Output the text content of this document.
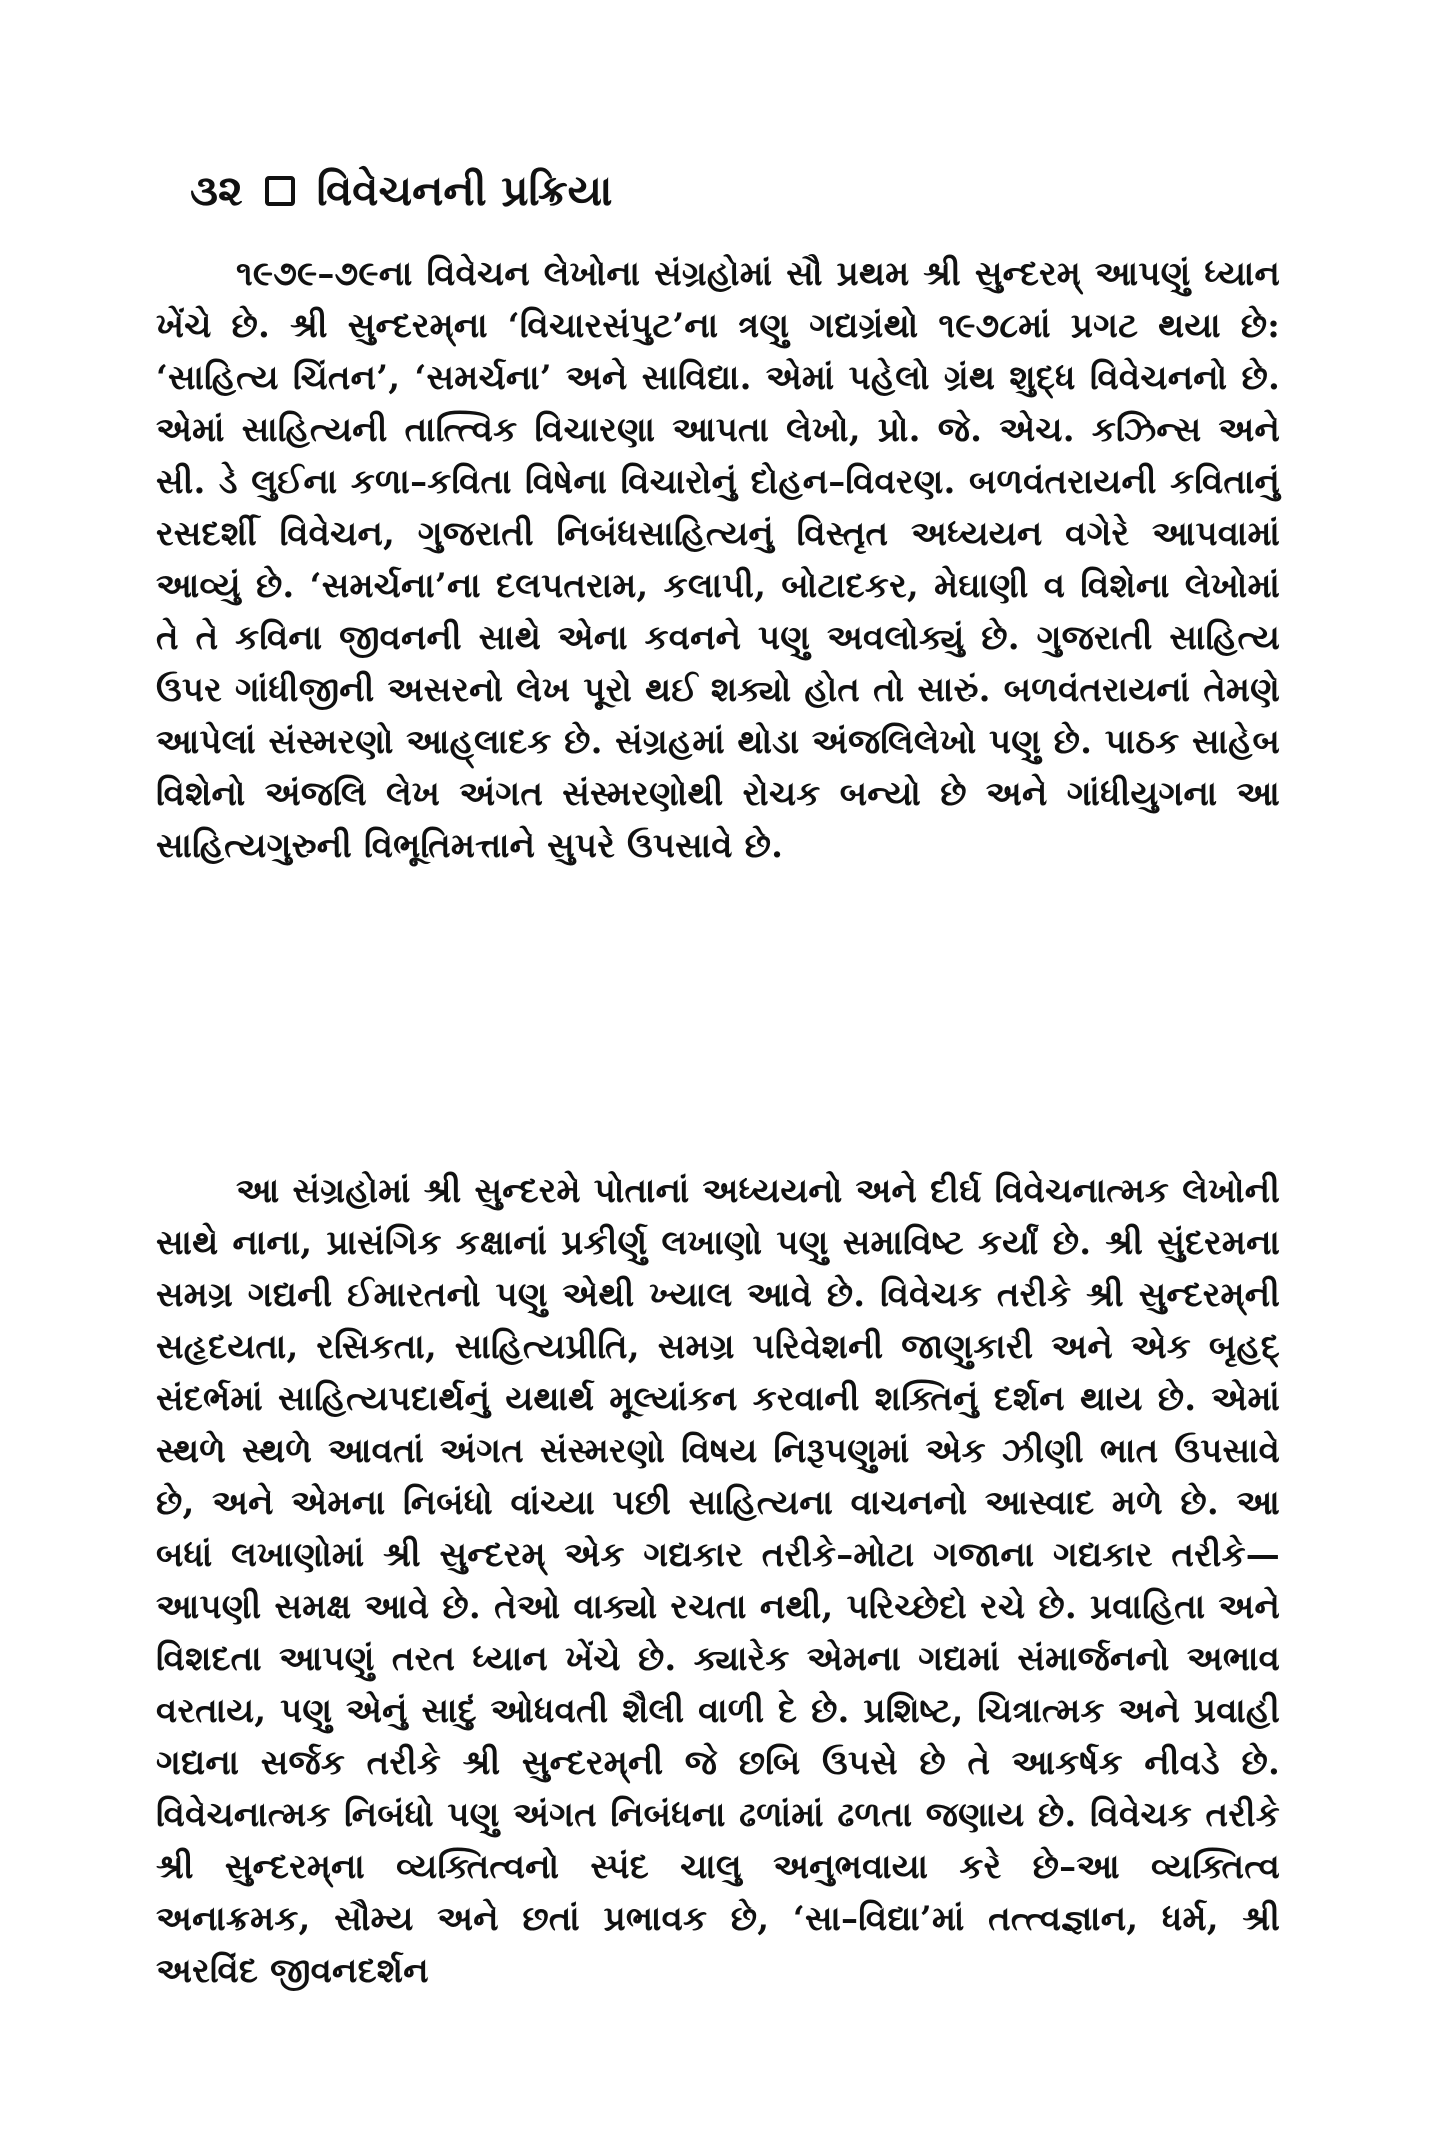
૩૨ વિવેચનની પ્રક્રિયા

૧૯૭૯–૭૯ના વિવેચન લેખોના સંગ્રહોમાં સૌ પ્રથમ શ્રી સુન્દરમ્ આપણું ધ્યાન ખેંચે છે. શ્રી સુન્દરમ્‌ના ‘વિચારસંપુટ’ના ત્રણુ ગદ્યગ્રંથો ૧૯૭૮માં પ્રગટ થયા છે: ‘સાહિત્ય ચિંતન’, ‘સમર્ચના’ અને સાવિદ્યા. એમાં પહેલો ગ્રંથ શુદ્ધ વિવેચનનો છે. એમાં સાહિત્યની તાત્ત્વિક વિચારણા આપતા લેખો, પ્રો. જે. એચ. કઝિન્સ અને સી. ડે લુઈના કળા–કવિતા વિષેના વિચારોનું દોહન–વિવરણ. બળવંતરાયની કવિતાનું રસદર્શી વિવેચન, ગુજરાતી નિબંધસાહિત્યનું વિસ્તૃત અધ્યયન વગેરે આપવામાં આવ્યું છે. ‘સમર્ચના’ના દલપતરામ, કલાપી, બોટાદકર, મેઘાણી વ વિશેના લેખોમાં તે તે કવિના જીવનની સાથે એના કવનને પણુ અવલોક્યું છે. ગુજરાતી સાહિત્ય ઉપર ગાંધીજીની અસરનો લેખ પૂરો થઈ શક્યો હોત તો સારું. બળવંતરાયનાં તેમણે આપેલાં સંસ્મરણો આહ્‌લાદક છે. સંગ્રહમાં થોડા અંજલિલેખો પણુ છે. પાઠક સાહેબ વિશેનો અંજલિ લેખ અંગત સંસ્મરણોથી રોચક બન્યો છે અને ગાંધીયુગના આ સાહિત્યગુરુની વિભૂતિમત્તાને સુપરે ઉપસાવે છે.

આ સંગ્રહોમાં શ્રી સુન્દરમે પોતાનાં અધ્યયનો અને દીર્ઘ વિવેચનાત્મક લેખોની સાથે નાના, પ્રાસંગિક કક્ષાનાં પ્રકીર્ણુ લખાણો પણુ સમાવિષ્ટ કર્યાં છે. શ્રી સુંદરમના સમગ્ર ગદ્યની ઈમારતનો પણુ એથી ખ્યાલ આવે છે. વિવેચક તરીકે શ્રી સુન્દરમ્‌ની સહૃદયતા, રસિકતા, સાહિત્યપ્રીતિ, સમગ્ર પરિવેશની જાણુકારી અને એક બૃહદ્ સંદર્ભમાં સાહિત્યપદાર્થનું યથાર્થ મૂલ્યાંકન કરવાની શક્તિનું દર્શન થાય છે. એમાં સ્થળે સ્થળે આવતાં અંગત સંસ્મરણો વિષય નિરૂપણુમાં એક ઝીણી ભાત ઉપસાવે છે, અને એમના નિબંધો વાંચ્યા પછી સાહિત્યના વાચનનો આસ્વાદ મળે છે. આ બધાં લખાણોમાં શ્રી સુન્દરમ્ એક ગદ્યકાર તરીકે–મોટા ગજાના ગદ્યકાર તરીકે—આપણી સમક્ષ આવે છે. તેઓ વાક્યો રચતા નથી, પરિચ્છેદો રચે છે. પ્રવાહિતા અને વિશદતા આપણું તરત ધ્યાન ખેંચે છે. ક્યારેક એમના ગદ્યમાં સંમાર્જનનો અભાવ વરતાય, પણુ એનું સાદું ઓધવતી શૈલી વાળી દે છે. પ્રશિષ્ટ, ચિત્રાત્મક અને પ્રવાહી ગદ્યના સર્જક તરીકે શ્રી સુન્દરમ્‌ની જે છબિ ઉપસે છે તે આકર્ષક નીવડે છે. વિવેચનાત્મક નિબંધો પણુ અંગત નિબંધના ઢળાંમાં ઢળતા જણાય છે. વિવેચક તરીકે શ્રી સુન્દરમ્‌ના વ્યક્તિત્વનો સ્પંદ ચાલુ અનુભવાયા કરે છે–આ વ્યક્તિત્વ અનાક્રમક, સૌમ્ય અને છતાં પ્રભાવક છે, ‘સા–વિદ્યા’માં તત્ત્વજ્ઞાન, ધર્મ, શ્રી અરવિંદ જીવનદર્શન
